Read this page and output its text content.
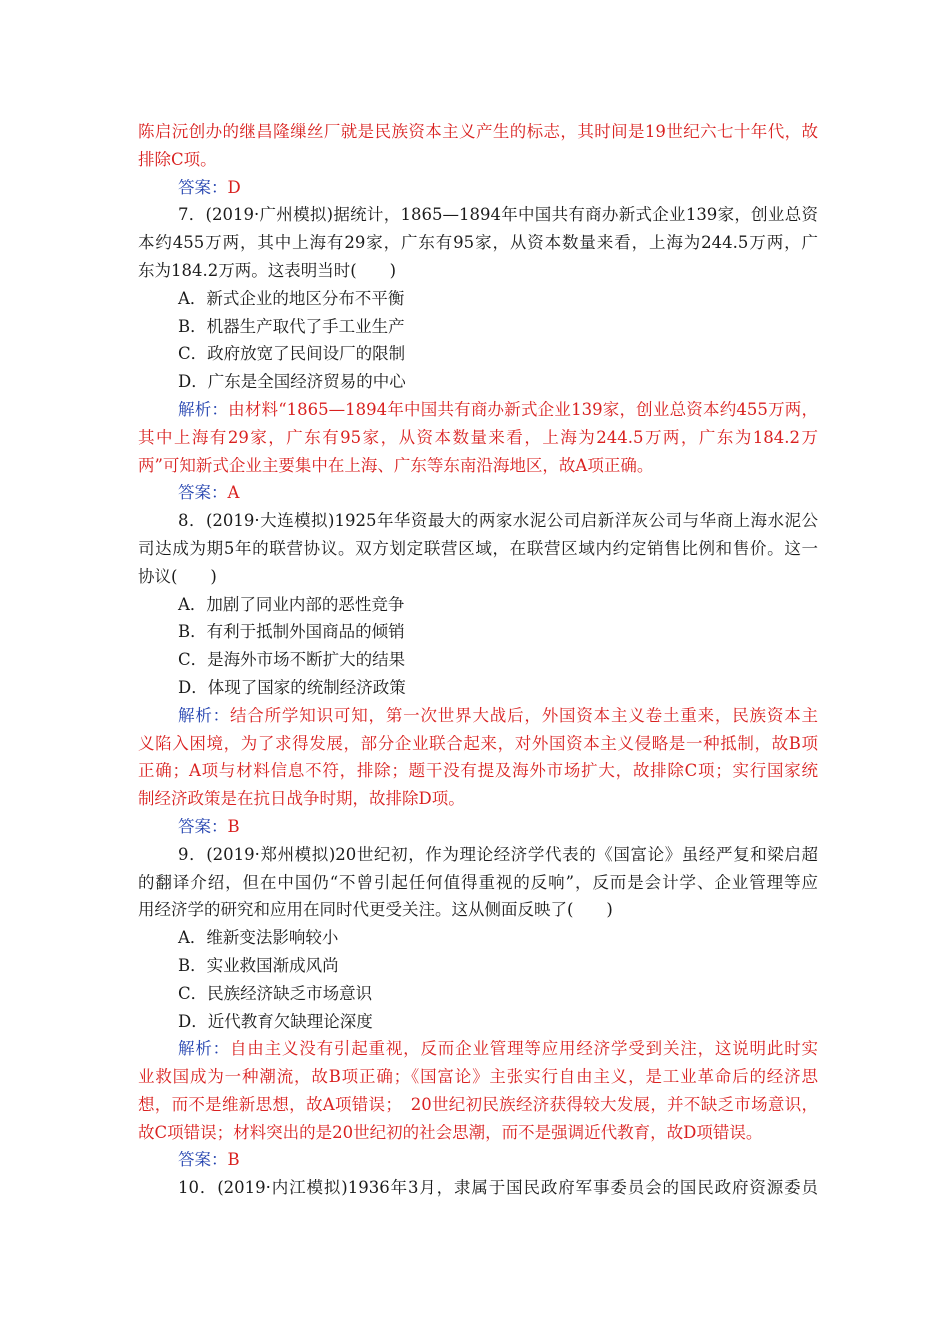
陈启沅创办的继昌隆缫丝厂就是民族资本主义产生的标志，其时间是19世纪六七十年代，故
排除C项。
答案：D
7．(2019·广州模拟)据统计，1865—1894年中国共有商办新式企业139家，创业总资
本约455万两，其中上海有29家，广东有95家，从资本数量来看，上海为244.5万两，广
东为184.2万两。这表明当时(　　)
A．新式企业的地区分布不平衡
B．机器生产取代了手工业生产
C．政府放宽了民间设厂的限制
D．广东是全国经济贸易的中心
解析：由材料“1865—1894年中国共有商办新式企业139家，创业总资本约455万两，
其中上海有29家，广东有95家，从资本数量来看，上海为244.5万两，广东为184.2万
两”可知新式企业主要集中在上海、广东等东南沿海地区，故A项正确。
答案：A
8．(2019·大连模拟)1925年华资最大的两家水泥公司启新洋灰公司与华商上海水泥公
司达成为期5年的联营协议。双方划定联营区域，在联营区域内约定销售比例和售价。这一
协议(　　)
A．加剧了同业内部的恶性竞争
B．有利于抵制外国商品的倾销
C．是海外市场不断扩大的结果
D．体现了国家的统制经济政策
解析：结合所学知识可知，第一次世界大战后，外国资本主义卷土重来，民族资本主
义陷入困境，为了求得发展，部分企业联合起来，对外国资本主义侵略是一种抵制，故B项
正确；A项与材料信息不符，排除；题干没有提及海外市场扩大，故排除C项；实行国家统
制经济政策是在抗日战争时期，故排除D项。
答案：B
9．(2019·郑州模拟)20世纪初，作为理论经济学代表的《国富论》虽经严复和梁启超
的翻译介绍，但在中国仍“不曾引起任何值得重视的反响”，反而是会计学、企业管理等应
用经济学的研究和应用在同时代更受关注。这从侧面反映了(　　)
A．维新变法影响较小
B．实业救国渐成风尚
C．民族经济缺乏市场意识
D．近代教育欠缺理论深度
解析：自由主义没有引起重视，反而企业管理等应用经济学受到关注，这说明此时实
业救国成为一种潮流，故B项正确；《国富论》主张实行自由主义，是工业革命后的经济思
想，而不是维新思想，故A项错误；　20世纪初民族经济获得较大发展，并不缺乏市场意识，
故C项错误；材料突出的是20世纪初的社会思潮，而不是强调近代教育，故D项错误。
答案：B
10．(2019·内江模拟)1936年3月，隶属于国民政府军事委员会的国民政府资源委员
